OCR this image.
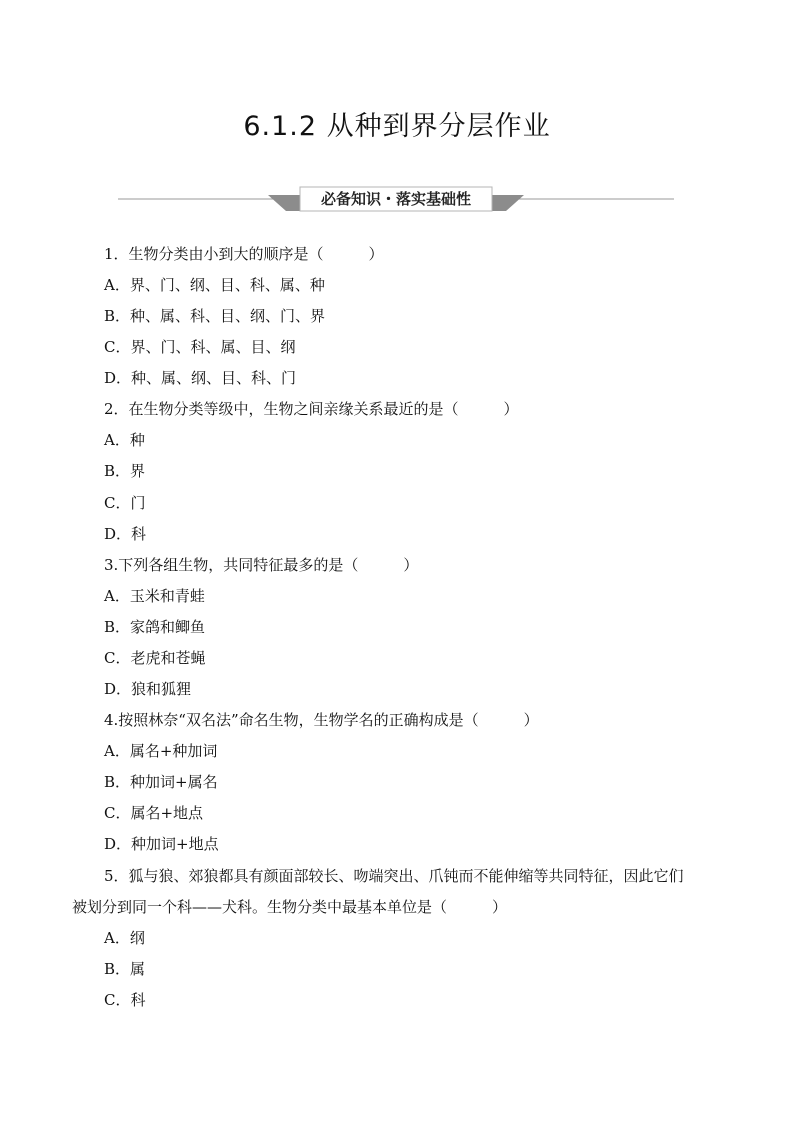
6.1.2 从种到界分层作业
必备知识・落实基础性
1．生物分类由小到大的顺序是（　　　）
A．界、门、纲、目、科、属、种
B．种、属、科、目、纲、门、界
C．界、门、科、属、目、纲
D．种、属、纲、目、科、门
2．在生物分类等级中，生物之间亲缘关系最近的是（　　　）
A．种
B．界
C．门
D．科
3.下列各组生物，共同特征最多的是（　　　）
A．玉米和青蛙
B．家鸽和鲫鱼
C．老虎和苍蝇
D．狼和狐狸
4.按照林奈“双名法”命名生物，生物学名的正确构成是（　　　）
A．属名+种加词
B．种加词+属名
C．属名+地点
D．种加词+地点
5．狐与狼、郊狼都具有颜面部较长、吻端突出、爪钝而不能伸缩等共同特征，因此它们
被划分到同一个科——犬科。生物分类中最基本单位是（　　　）
A．纲
B．属
C．科
